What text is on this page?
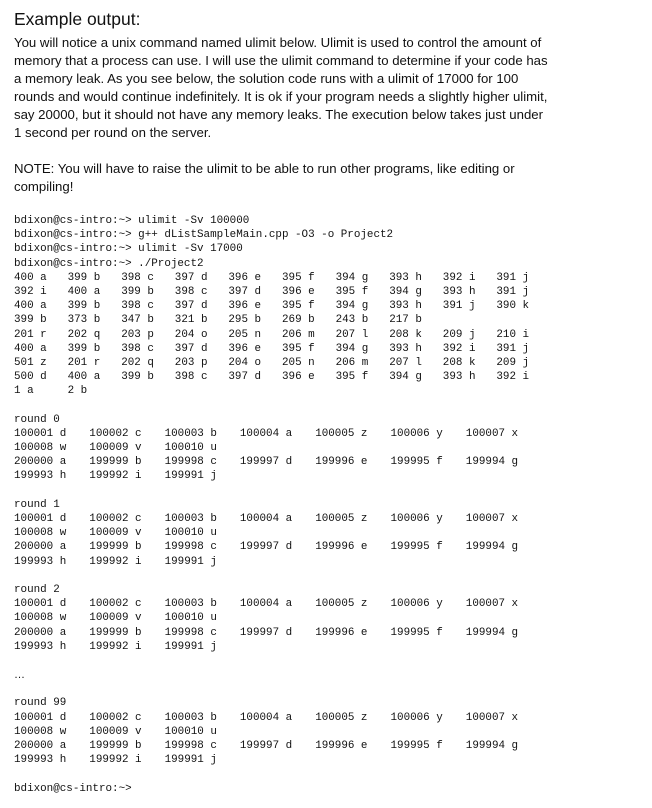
Example output:

You will notice a unix command named ulimit below. Ulimit is used to control the amount of memory that a process can use. I will use the ulimit command to determine if your code has a memory leak. As you see below, the solution code runs with a ulimit of 17000 for 100 rounds and would continue indefinitely. It is ok if your program needs a slightly higher ulimit, say 20000, but it should not have any memory leaks. The execution below takes just under 1 second per round on the server.

NOTE: You will have to raise the ulimit to be able to run other programs, like editing or compiling!

bdixon@cs-intro:~> ulimit -Sv 100000
bdixon@cs-intro:~> g++ dListSampleMain.cpp -O3 -o Project2
bdixon@cs-intro:~> ulimit -Sv 17000
bdixon@cs-intro:~> ./Project2
400 a 399 b 398 c 397 d 396 e 395 f 394 g 393 h 392 i 391 j
392 i 400 a 399 b 398 c 397 d 396 e 395 f 394 g 393 h 391 j
400 a 399 b 398 c 397 d 396 e 395 f 394 g 393 h 391 j 390 k
399 b 373 b 347 b 321 b 295 b 269 b 243 b 217 b
201 r 202 q 203 p 204 o 205 n 206 m 207 l 208 k 209 j 210 i
400 a 399 b 398 c 397 d 396 e 395 f 394 g 393 h 392 i 391 j
501 z 201 r 202 q 203 p 204 o 205 n 206 m 207 l 208 k 209 j
500 d 400 a 399 b 398 c 397 d 396 e 395 f 394 g 393 h 392 i
1 a	2 b
round 0
100001 d 100002 c 100003 b 100004 a 100005 z 100006 y 100007 x
100008 w 100009 v 100010 u
200000 a 199999 b 199998 c 199997 d 199996 e 199995 f 199994 g
199993 h 199992 i 199991 j
round 1
100001 d 100002 c 100003 b 100004 a 100005 z 100006 y 100007 x
100008 w 100009 v 100010 u
200000 a 199999 b 199998 c 199997 d 199996 e 199995 f 199994 g
199993 h 199992 i 199991 j
round 2
100001 d 100002 c 100003 b 100004 a 100005 z 100006 y 100007 x
100008 w 100009 v 100010 u
200000 a 199999 b 199998 c 199997 d 199996 e 199995 f 199994 g
199993 h 199992 i 199991 j
…
round 99
100001 d 100002 c 100003 b 100004 a 100005 z 100006 y 100007 x
100008 w 100009 v 100010 u
200000 a 199999 b 199998 c 199997 d 199996 e 199995 f 199994 g
199993 h 199992 i 199991 j
bdixon@cs-intro:~>
